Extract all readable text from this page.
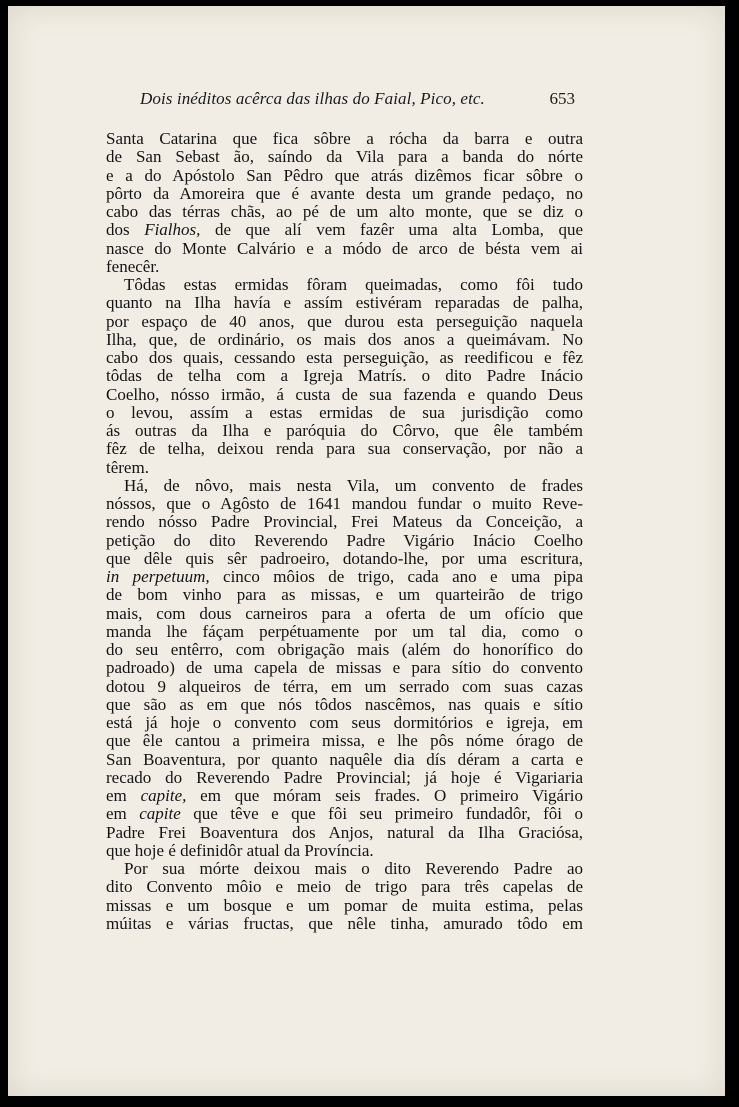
Dois inéditos acêrca das ilhas do Faial, Pico, etc.	653
Santa Catarina que fica sôbre a rócha da barra e outra
de San Sebast ão, saíndo da Vila para a banda do nórte
e a do Apóstolo San Pêdro que atrás dizêmos ficar sôbre o
pôrto da Amoreira que é avante desta um grande pedaço, no
cabo das térras chãs, ao pé de um alto monte, que se diz o
dos Fialhos, de que alí vem fazêr uma alta Lomba, que
nasce do Monte Calvário e a módo de arco de bésta vem ai
fenecêr.
Tôdas estas ermidas fôram queimadas, como fôi tudo
quanto na Ilha havía e assím estivéram reparadas de palha,
por espaço de 40 anos, que durou esta perseguição naquela
Ilha, que, de ordinário, os mais dos anos a queimávam. No
cabo dos quais, cessando esta perseguição, as reedificou e fêz
tôdas de telha com a Igreja Matrís. o dito Padre Inácio
Coelho, nósso irmão, á custa de sua fazenda e quando Deus
o levou, assím a estas ermidas de sua jurisdição como
ás outras da Ilha e paróquia do Côrvo, que êle também
fêz de telha, deixou renda para sua conservação, por não a
têrem.
Há, de nôvo, mais nesta Vila, um convento de frades
nóssos, que o Agôsto de 1641 mandou fundar o muito Reve-
rendo nósso Padre Provincial, Frei Mateus da Conceição, a
petição do dito Reverendo Padre Vigário Inácio Coelho
que dêle quis sêr padroeiro, dotando-lhe, por uma escritura,
in perpetuum, cinco môios de trigo, cada ano e uma pipa
de bom vinho para as missas, e um quarteirão de trigo
mais, com dous carneiros para a oferta de um ofício que
manda lhe fáçam perpétuamente por um tal dia, como o
do seu entêrro, com obrigação mais (além do honorífico do
padroado) de uma capela de missas e para sítio do convento
dotou 9 alqueiros de térra, em um serrado com suas cazas
que são as em que nós tôdos nascêmos, nas quais e sítio
está já hoje o convento com seus dormitórios e igreja, em
que êle cantou a primeira missa, e lhe pôs nóme órago de
San Boaventura, por quanto naquêle dia dís déram a carta e
recado do Reverendo Padre Provincial; já hoje é Vigariaria
em capite, em que móram seis frades. O primeiro Vigário
em capite que têve e que fôi seu primeiro fundadôr, fôi o
Padre Frei Boaventura dos Anjos, natural da Ilha Graciósa,
que hoje é definidôr atual da Província.
Por sua mórte deixou mais o dito Reverendo Padre ao
dito Convento môio e meio de trigo para três capelas de
missas e um bosque e um pomar de muita estima, pelas
múitas e várias fructas, que nêle tinha, amurado tôdo em
